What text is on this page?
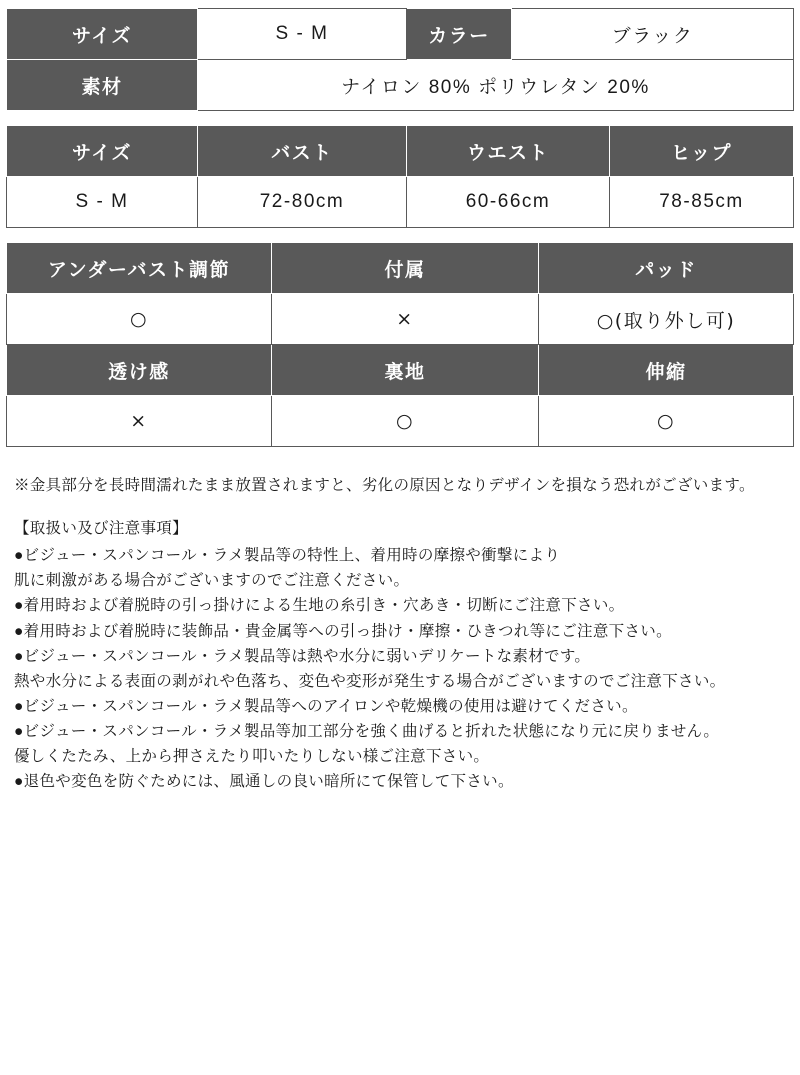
サイズ	S - M	カラー	ブラック
素材	ナイロン 80% ポリウレタン 20%		
サイズ	バスト	ウエスト	ヒップ
S - M	72-80cm	60-66cm	78-85cm
アンダーバスト調節	付属	パッド
○	×	○(取り外し可)
透け感	裏地	伸縮
×	○	○

※金具部分を長時間濡れたまま放置されますと、劣化の原因となりデザインを損なう恐れがございます。

【取扱い及び注意事項】

●ビジュー・スパンコール・ラメ製品等の特性上、着用時の摩擦や衝撃により

肌に刺激がある場合がございますのでご注意ください。

●着用時および着脱時の引っ掛けによる生地の糸引き・穴あき・切断にご注意下さい。

●着用時および着脱時に装飾品・貴金属等への引っ掛け・摩擦・ひきつれ等にご注意下さい。

●ビジュー・スパンコール・ラメ製品等は熱や水分に弱いデリケートな素材です。

熱や水分による表面の剥がれや色落ち、変色や変形が発生する場合がございますのでご注意下さい。

●ビジュー・スパンコール・ラメ製品等へのアイロンや乾燥機の使用は避けてください。

●ビジュー・スパンコール・ラメ製品等加工部分を強く曲げると折れた状態になり元に戻りません。

優しくたたみ、上から押さえたり叩いたりしない様ご注意下さい。

●退色や変色を防ぐためには、風通しの良い暗所にて保管して下さい。
